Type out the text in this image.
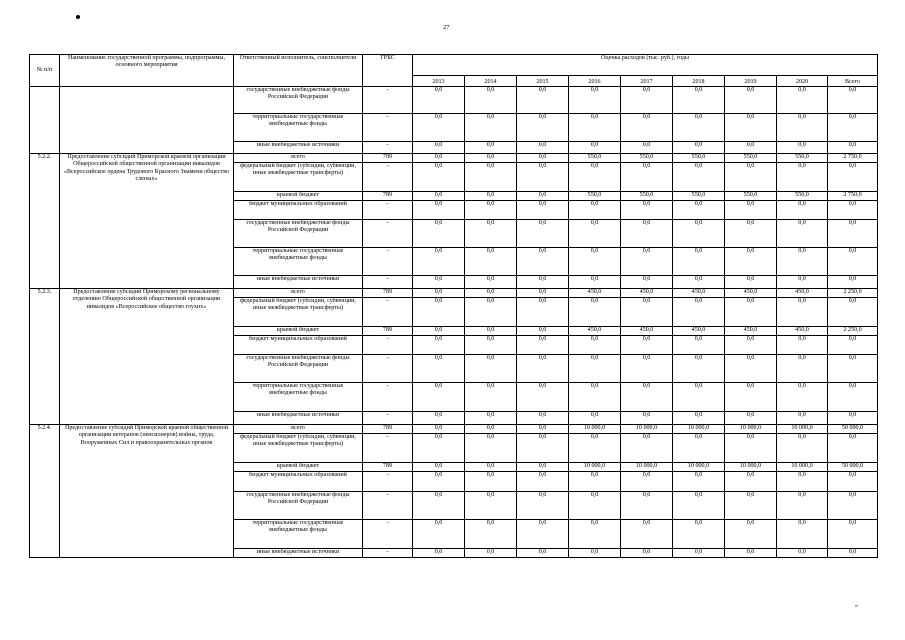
27
№ п/п	Наименование государственной программы, подпрограммы, основного мероприятия	Ответственный исполнитель, соисполнители	ГРБС	Оценка расходов (тыс. руб.), годы								
				2013	2014	2015	2016	2017	2018	2019	2020	Всего
		государственные внебюджетные фонды Российской Федерации	-	0,0	0,0	0,0	0,0	0,0	0,0	0,0	0,0	0,0
		территориальные государственные внебюджетные фонды	-	0,0	0,0	0,0	0,0	0,0	0,0	0,0	0,0	0,0
		иные внебюджетные источники	-	0,0	0,0	0,0	0,0	0,0	0,0	0,0	0,0	0,0
5.2.2.	Предоставление субсидий Приморской краевой организации Общероссийской общественной организации инвалидов «Всероссийское ордена Трудового Красного Знамени общество слепых»	всего	789	0,0	0,0	0,0	550,0	550,0	550,0	550,0	550,0	2 750,0
		федеральный бюджет (субсидии, субвенции, иные межбюджетные трансферты)	-	0,0	0,0	0,0	0,0	0,0	0,0	0,0	0,0	0,0
		краевой бюджет	789	0,0	0,0	0,0	550,0	550,0	550,0	550,0	550,0	2 750,0
		бюджет муниципальных образований	-	0,0	0,0	0,0	0,0	0,0	0,0	0,0	0,0	0,0
		государственные внебюджетные фонды Российской Федерации	-	0,0	0,0	0,0	0,0	0,0	0,0	0,0	0,0	0,0
		территориальные государственные внебюджетные фонды	-	0,0	0,0	0,0	0,0	0,0	0,0	0,0	0,0	0,0
		иные внебюджетные источники	-	0,0	0,0	0,0	0,0	0,0	0,0	0,0	0,0	0,0
5.2.3.	Предоставление субсидий Приморскому региональному отделению Общероссийской общественной организации инвалидов «Всероссийское общество глухих»	всего	789	0,0	0,0	0,0	450,0	450,0	450,0	450,0	450,0	2 250,0
		федеральный бюджет (субсидии, субвенции, иные межбюджетные трансферты)	-	0,0	0,0	0,0	0,0	0,0	0,0	0,0	0,0	0,0
		краевой бюджет	789	0,0	0,0	0,0	450,0	450,0	450,0	450,0	450,0	2 250,0
		бюджет муниципальных образований	-	0,0	0,0	0,0	0,0	0,0	0,0	0,0	0,0	0,0
		государственные внебюджетные фонды Российской Федерации	-	0,0	0,0	0,0	0,0	0,0	0,0	0,0	0,0	0,0
		территориальные государственные внебюджетные фонды	-	0,0	0,0	0,0	0,0	0,0	0,0	0,0	0,0	0,0
		иные внебюджетные источники	-	0,0	0,0	0,0	0,0	0,0	0,0	0,0	0,0	0,0
5.2.4.	Предоставление субсидий Приморской краевой общественной организации ветеранов (пенсионеров) войны, труда, Вооруженных Сил и правоохранительных органов	всего	789	0,0	0,0	0,0	10 000,0	10 000,0	10 000,0	10 000,0	10 000,0	50 000,0
		федеральный бюджет (субсидии, субвенции, иные межбюджетные трансферты)	-	0,0	0,0	0,0	0,0	0,0	0,0	0,0	0,0	0,0
		краевой бюджет	789	0,0	0,0	0,0	10 000,0	10 000,0	10 000,0	10 000,0	10 000,0	50 000,0
		бюджет муниципальных образований	-	0,0	0,0	0,0	0,0	0,0	0,0	0,0	0,0	0,0
		государственные внебюджетные фонды Российской Федерации	-	0,0	0,0	0,0	0,0	0,0	0,0	0,0	0,0	0,0
		территориальные государственные внебюджетные фонды	-	0,0	0,0	0,0	0,0	0,0	0,0	0,0	0,0	0,0
		иные внебюджетные источники	-	0,0	0,0	0,0	0,0	0,0	0,0	0,0	0,0	0,0
»
